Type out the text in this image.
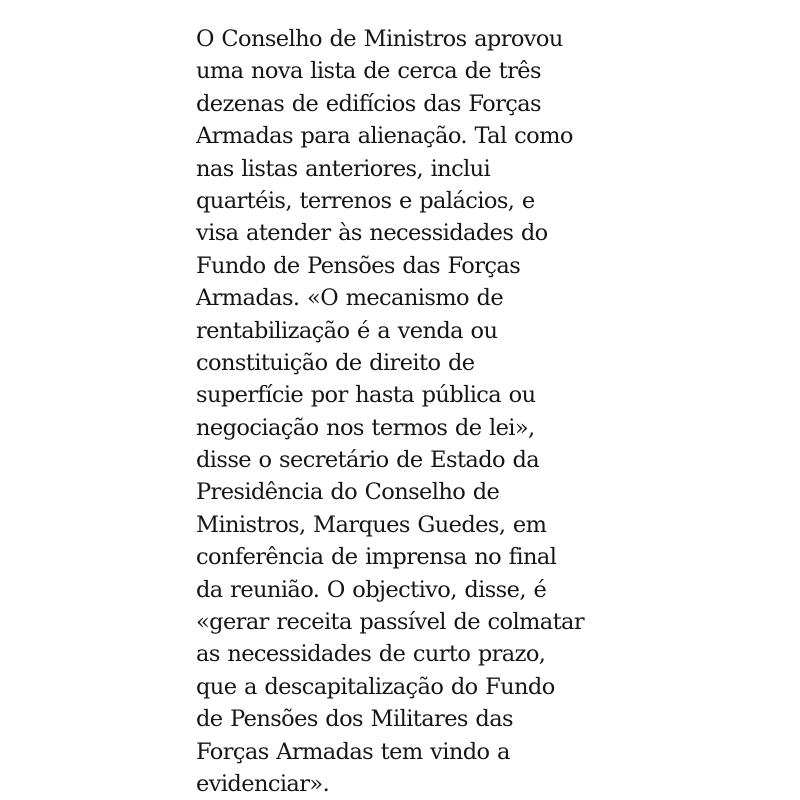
O Conselho de Ministros aprovou
uma nova lista de cerca de três
dezenas de edifícios das Forças
Armadas para alienação. Tal como
nas listas anteriores, inclui
quartéis, terrenos e palácios, e
visa atender às necessidades do
Fundo de Pensões das Forças
Armadas. «O mecanismo de
rentabilização é a venda ou
constituição de direito de
superfície por hasta pública ou
negociação nos termos de lei»,
disse o secretário de Estado da
Presidência do Conselho de
Ministros, Marques Guedes, em
conferência de imprensa no final
da reunião. O objectivo, disse, é
«gerar receita passível de colmatar
as necessidades de curto prazo,
que a descapitalização do Fundo
de Pensões dos Militares das
Forças Armadas tem vindo a
evidenciar».
